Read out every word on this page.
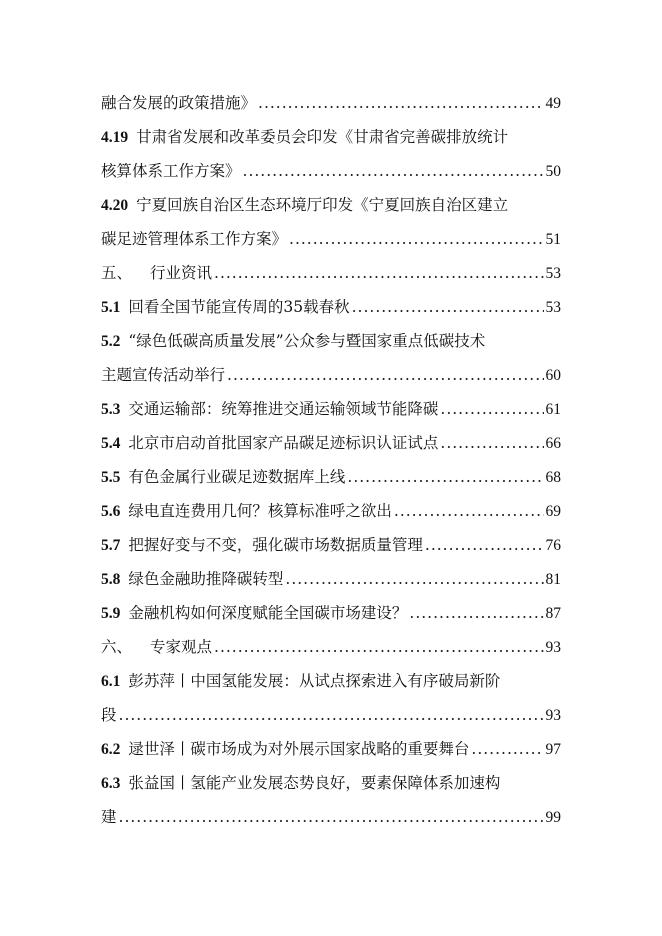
融合发展的政策措施》 .....	49
4.19 甘肃省发展和改革委员会印发《甘肃省完善碳排放统计
核算体系工作方案》 .....	50
4.20 宁夏回族自治区生态环境厅印发《宁夏回族自治区建立
碳足迹管理体系工作方案》 .....	51
五、 行业资讯 .....	53
5.1 回看全国节能宣传周的35载春秋 .....	53
5.2 “绿色低碳高质量发展”公众参与暨国家重点低碳技术
主题宣传活动举行 .....	60
5.3 交通运输部：统筹推进交通运输领域节能降碳 .....	61
5.4 北京市启动首批国家产品碳足迹标识认证试点 .....	66
5.5 有色金属行业碳足迹数据库上线 .....	68
5.6 绿电直连费用几何？核算标准呼之欲出 .....	69
5.7 把握好变与不变，强化碳市场数据质量管理 .....	76
5.8 绿色金融助推降碳转型 .....	81
5.9 金融机构如何深度赋能全国碳市场建设？ .....	87
六、 专家观点 .....	93
6.1 彭苏萍丨中国氢能发展：从试点探索进入有序破局新阶
段 .....	93
6.2 逯世泽丨碳市场成为对外展示国家战略的重要舞台 .....	97
6.3 张益国丨氢能产业发展态势良好，要素保障体系加速构
建 .....	99
